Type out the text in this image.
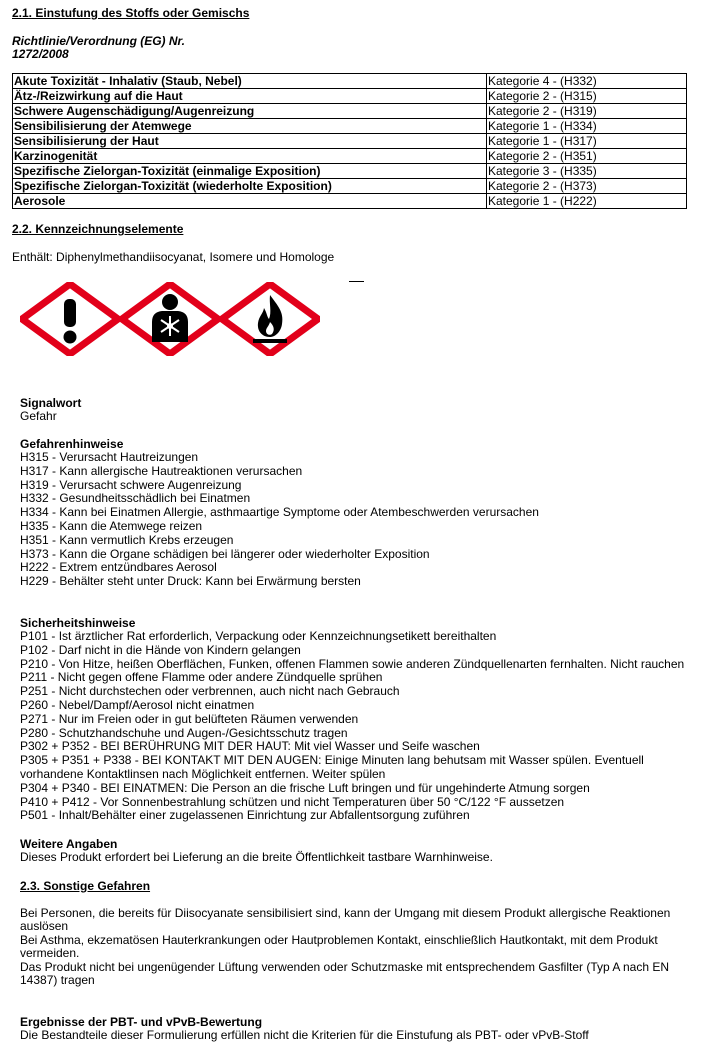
2.1. Einstufung des Stoffs oder Gemischs
Richtlinie/Verordnung (EG) Nr.
1272/2008
Akute Toxizität - Inhalativ (Staub, Nebel)	Kategorie 4 - (H332)
Ätz-/Reizwirkung auf die Haut	Kategorie 2 - (H315)
Schwere Augenschädigung/Augenreizung	Kategorie 2 - (H319)
Sensibilisierung der Atemwege	Kategorie 1 - (H334)
Sensibilisierung der Haut	Kategorie 1 - (H317)
Karzinogenität	Kategorie 2 - (H351)
Spezifische Zielorgan-Toxizität (einmalige Exposition)	Kategorie 3 - (H335)
Spezifische Zielorgan-Toxizität (wiederholte Exposition)	Kategorie 2 - (H373)
Aerosole	Kategorie 1 - (H222)
2.2. Kennzeichnungselemente
Enthält: Diphenylmethandiisocyanat, Isomere und Homologe
Signalwort
Gefahr
Gefahrenhinweise
H315 - Verursacht Hautreizungen
H317 - Kann allergische Hautreaktionen verursachen
H319 - Verursacht schwere Augenreizung
H332 - Gesundheitsschädlich bei Einatmen
H334 - Kann bei Einatmen Allergie, asthmaartige Symptome oder Atembeschwerden verursachen
H335 - Kann die Atemwege reizen
H351 - Kann vermutlich Krebs erzeugen
H373 - Kann die Organe schädigen bei längerer oder wiederholter Exposition
H222 - Extrem entzündbares Aerosol
H229 - Behälter steht unter Druck: Kann bei Erwärmung bersten
Sicherheitshinweise
P101 - Ist ärztlicher Rat erforderlich, Verpackung oder Kennzeichnungsetikett bereithalten
P102 - Darf nicht in die Hände von Kindern gelangen
P210 - Von Hitze, heißen Oberflächen, Funken, offenen Flammen sowie anderen Zündquellenarten fernhalten. Nicht rauchen
P211 - Nicht gegen offene Flamme oder andere Zündquelle sprühen
P251 - Nicht durchstechen oder verbrennen, auch nicht nach Gebrauch
P260 - Nebel/Dampf/Aerosol nicht einatmen
P271 - Nur im Freien oder in gut belüfteten Räumen verwenden
P280 - Schutzhandschuhe und Augen-/Gesichtsschutz tragen
P302 + P352 - BEI BERÜHRUNG MIT DER HAUT: Mit viel Wasser und Seife waschen
P305 + P351 + P338 - BEI KONTAKT MIT DEN AUGEN: Einige Minuten lang behutsam mit Wasser spülen. Eventuell vorhandene Kontaktlinsen nach Möglichkeit entfernen. Weiter spülen
P304 + P340 - BEI EINATMEN: Die Person an die frische Luft bringen und für ungehinderte Atmung sorgen
P410 + P412 - Vor Sonnenbestrahlung schützen und nicht Temperaturen über 50 °C/122 °F aussetzen
P501 - Inhalt/Behälter einer zugelassenen Einrichtung zur Abfallentsorgung zuführen
Weitere Angaben
Dieses Produkt erfordert bei Lieferung an die breite Öffentlichkeit tastbare Warnhinweise.
2.3. Sonstige Gefahren
Bei Personen, die bereits für Diisocyanate sensibilisiert sind, kann der Umgang mit diesem Produkt allergische Reaktionen auslösen
Bei Asthma, ekzematösen Hauterkrankungen oder Hautproblemen Kontakt, einschließlich Hautkontakt, mit dem Produkt vermeiden.
Das Produkt nicht bei ungenügender Lüftung verwenden oder Schutzmaske mit entsprechendem Gasfilter (Typ A nach EN 14387) tragen
Ergebnisse der PBT- und vPvB-Bewertung
Die Bestandteile dieser Formulierung erfüllen nicht die Kriterien für die Einstufung als PBT- oder vPvB-Stoff
